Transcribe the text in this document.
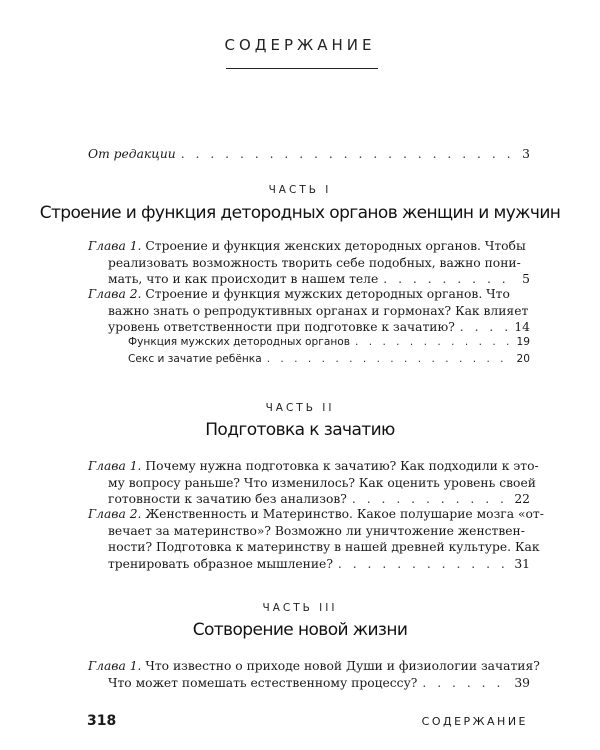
СОДЕРЖАНИЕ
От редакции . . .	3
ЧАСТЬ I
Строение и функция детородных органов женщин и мужчин
Глава 1. Строение и функция женских детородных органов. Чтобы
реализовать возможность творить себе подобных, важно пони-
мать, что и как происходит в нашем теле . . .	5
Глава 2. Строение и функция мужских детородных органов. Что
важно знать о репродуктивных органах и гормонах? Как влияет
уровень ответственности при подготовке к зачатию? . . .	14
Функция мужских детородных органов . . .	19
Секс и зачатие ребёнка . . .	20
ЧАСТЬ II
Подготовка к зачатию
Глава 1. Почему нужна подготовка к зачатию? Как подходили к это-
му вопросу раньше? Что изменилось? Как оценить уровень своей
готовности к зачатию без анализов? . . .	22
Глава 2. Женственность и Материнство. Какое полушарие мозга «от-
вечает за материнство»? Возможно ли уничтожение женствен-
ности? Подготовка к материнству в нашей древней культуре. Как
тренировать образное мышление? . . .	31
ЧАСТЬ III
Сотворение новой жизни
Глава 1. Что известно о приходе новой Души и физиологии зачатия?
Что может помешать естественному процессу? . . .	39
318	СОДЕРЖАНИЕ
